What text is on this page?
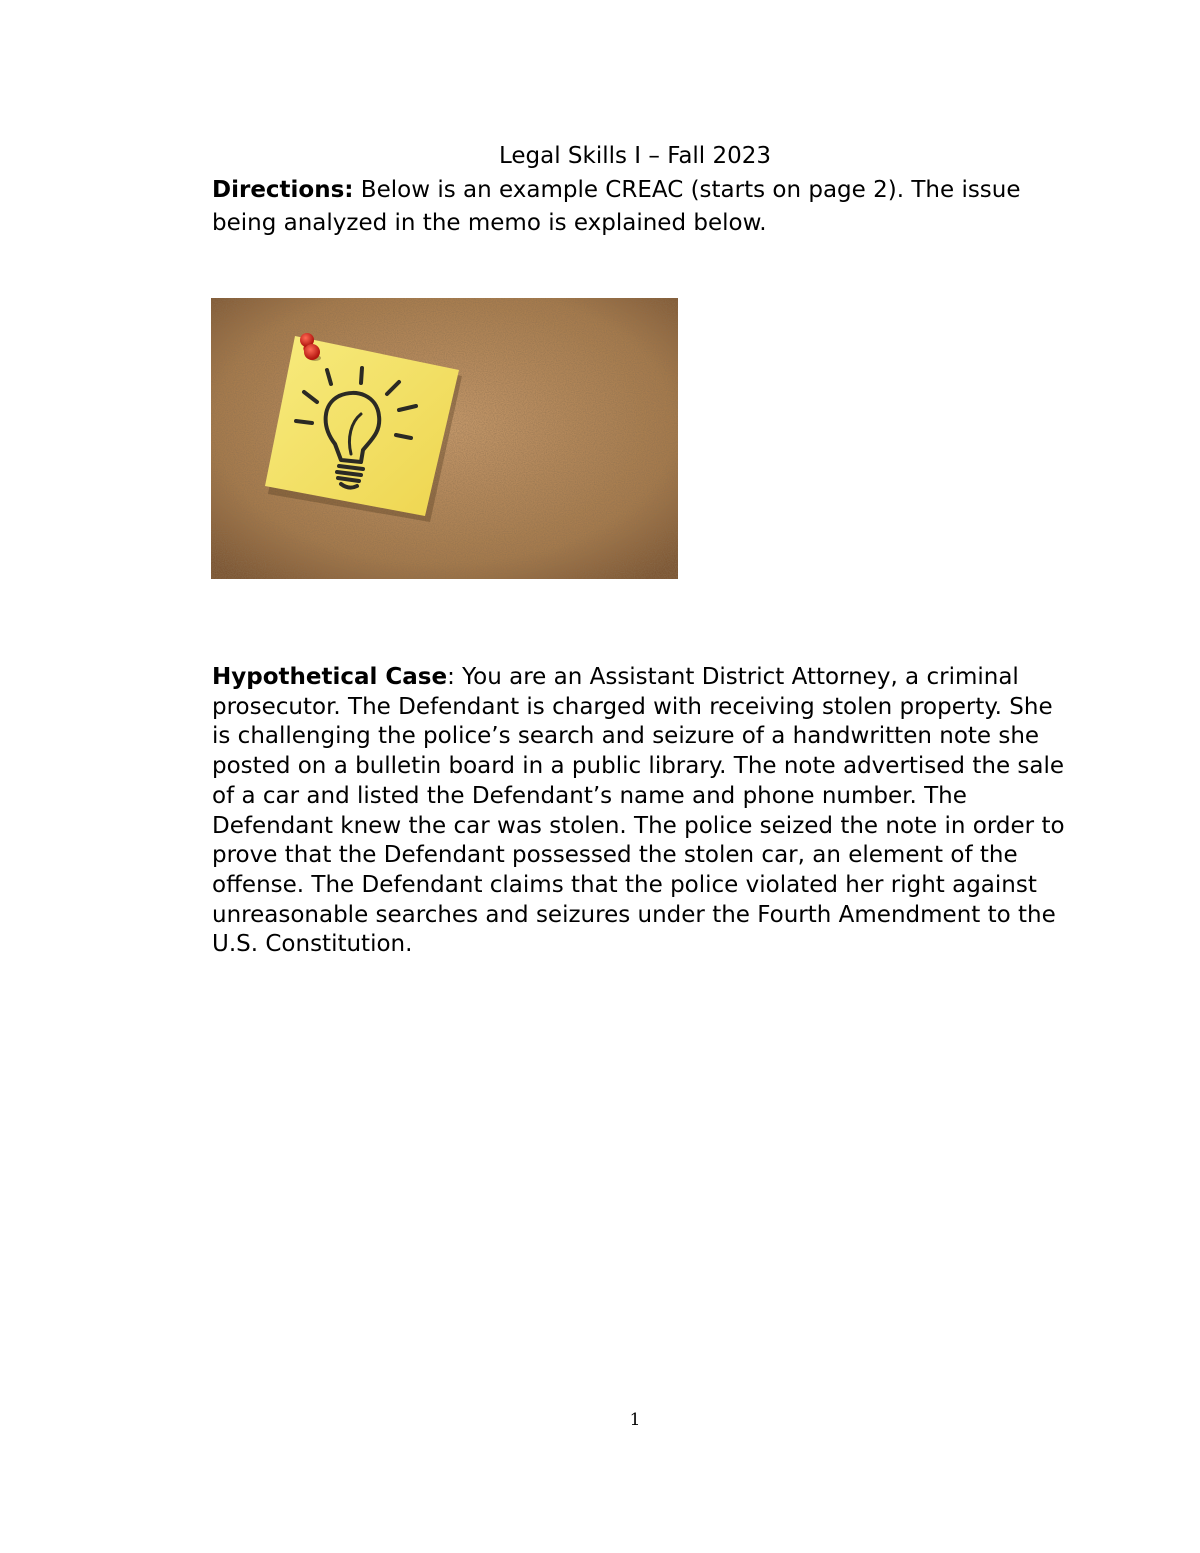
Legal Skills I – Fall 2023

Directions: Below is an example CREAC (starts on page 2). The issue being analyzed in the memo is explained below.

Hypothetical Case: You are an Assistant District Attorney, a criminal prosecutor. The Defendant is charged with receiving stolen property. She is challenging the police’s search and seizure of a handwritten note she posted on a bulletin board in a public library. The note advertised the sale of a car and listed the Defendant’s name and phone number. The Defendant knew the car was stolen. The police seized the note in order to prove that the Defendant possessed the stolen car, an element of the offense. The Defendant claims that the police violated her right against unreasonable searches and seizures under the Fourth Amendment to the U.S. Constitution.

1
